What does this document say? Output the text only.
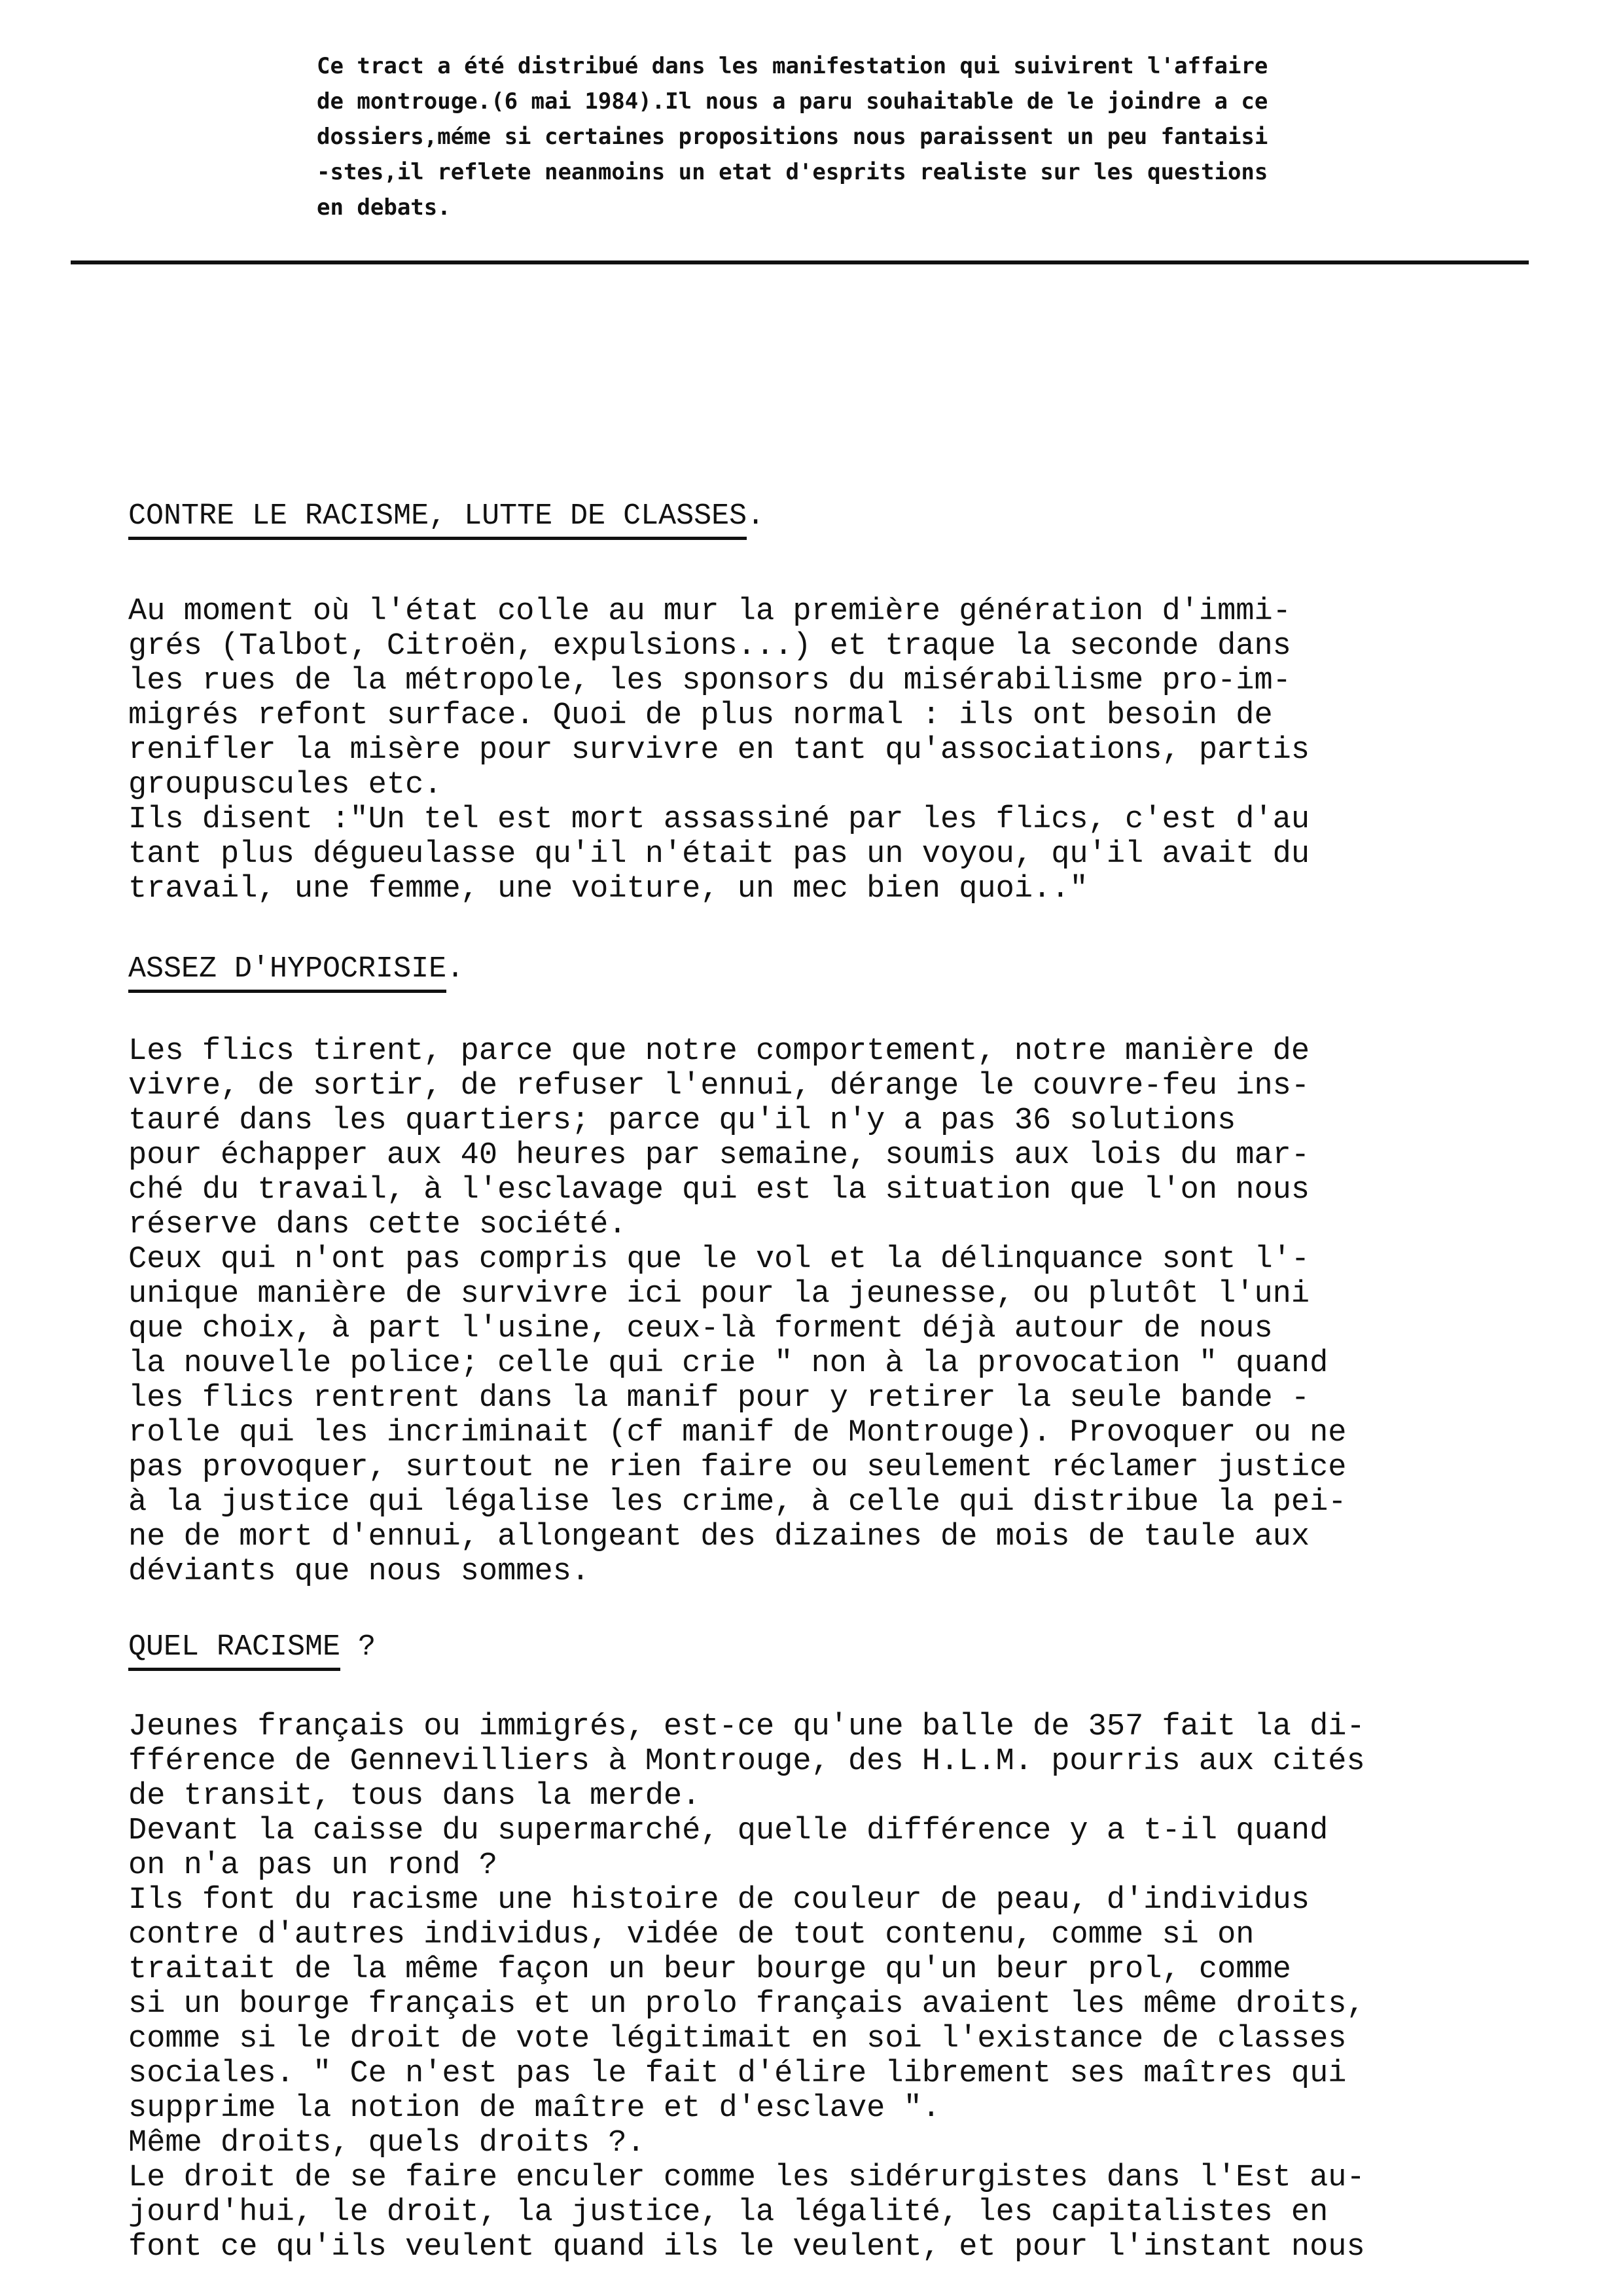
Ce tract a été distribué dans les manifestation qui suivirent l'affaire
de montrouge.(6 mai 1984).Il nous a paru souhaitable de le joindre a ce
dossiers,méme si certaines propositions nous paraissent un peu fantaisi
-stes,il reflete neanmoins un etat d'esprits realiste sur les questions
en debats.
CONTRE LE RACISME, LUTTE DE CLASSES.
Au moment où l'état colle au mur la première génération d'immi-
grés (Talbot, Citroën, expulsions...) et traque la seconde dans
les rues de la métropole, les sponsors du misérabilisme pro-im-
migrés refont surface. Quoi de plus normal : ils ont besoin de
renifler la misère pour survivre en tant qu'associations, partis
groupuscules etc.
Ils disent :"Un tel est mort assassiné par les flics, c'est d'au
tant plus dégueulasse qu'il n'était pas un voyou, qu'il avait du
travail, une femme, une voiture, un mec bien quoi.."
ASSEZ D'HYPOCRISIE.
Les flics tirent, parce que notre comportement, notre manière de
vivre, de sortir, de refuser l'ennui, dérange le couvre-feu ins-
tauré dans les quartiers; parce qu'il n'y a pas 36 solutions
pour échapper aux 40 heures par semaine, soumis aux lois du mar-
ché du travail, à l'esclavage qui est la situation que l'on nous
réserve dans cette société.
Ceux qui n'ont pas compris que le vol et la délinquance sont l'-
unique manière de survivre ici pour la jeunesse, ou plutôt l'uni
que choix, à part l'usine, ceux-là forment déjà autour de nous
la nouvelle police; celle qui crie " non à la provocation " quand
les flics rentrent dans la manif pour y retirer la seule bande -
rolle qui les incriminait (cf manif de Montrouge). Provoquer ou ne
pas provoquer, surtout ne rien faire ou seulement réclamer justice
à la justice qui légalise les crime, à celle qui distribue la pei-
ne de mort d'ennui, allongeant des dizaines de mois de taule aux
déviants que nous sommes.
QUEL RACISME ?
Jeunes français ou immigrés, est-ce qu'une balle de 357 fait la di-
fférence de Gennevilliers à Montrouge, des H.L.M. pourris aux cités
de transit, tous dans la merde.
Devant la caisse du supermarché, quelle différence y a t-il quand
on n'a pas un rond ?
Ils font du racisme une histoire de couleur de peau, d'individus
contre d'autres individus, vidée de tout contenu, comme si on
traitait de la même façon un beur bourge qu'un beur prol, comme
si un bourge français et un prolo français avaient les même droits,
comme si le droit de vote légitimait en soi l'existance de classes
sociales. " Ce n'est pas le fait d'élire librement ses maîtres qui
supprime la notion de maître et d'esclave ".
Même droits, quels droits ?.
Le droit de se faire enculer comme les sidérurgistes dans l'Est au-
jourd'hui, le droit, la justice, la légalité, les capitalistes en
font ce qu'ils veulent quand ils le veulent, et pour l'instant nous
